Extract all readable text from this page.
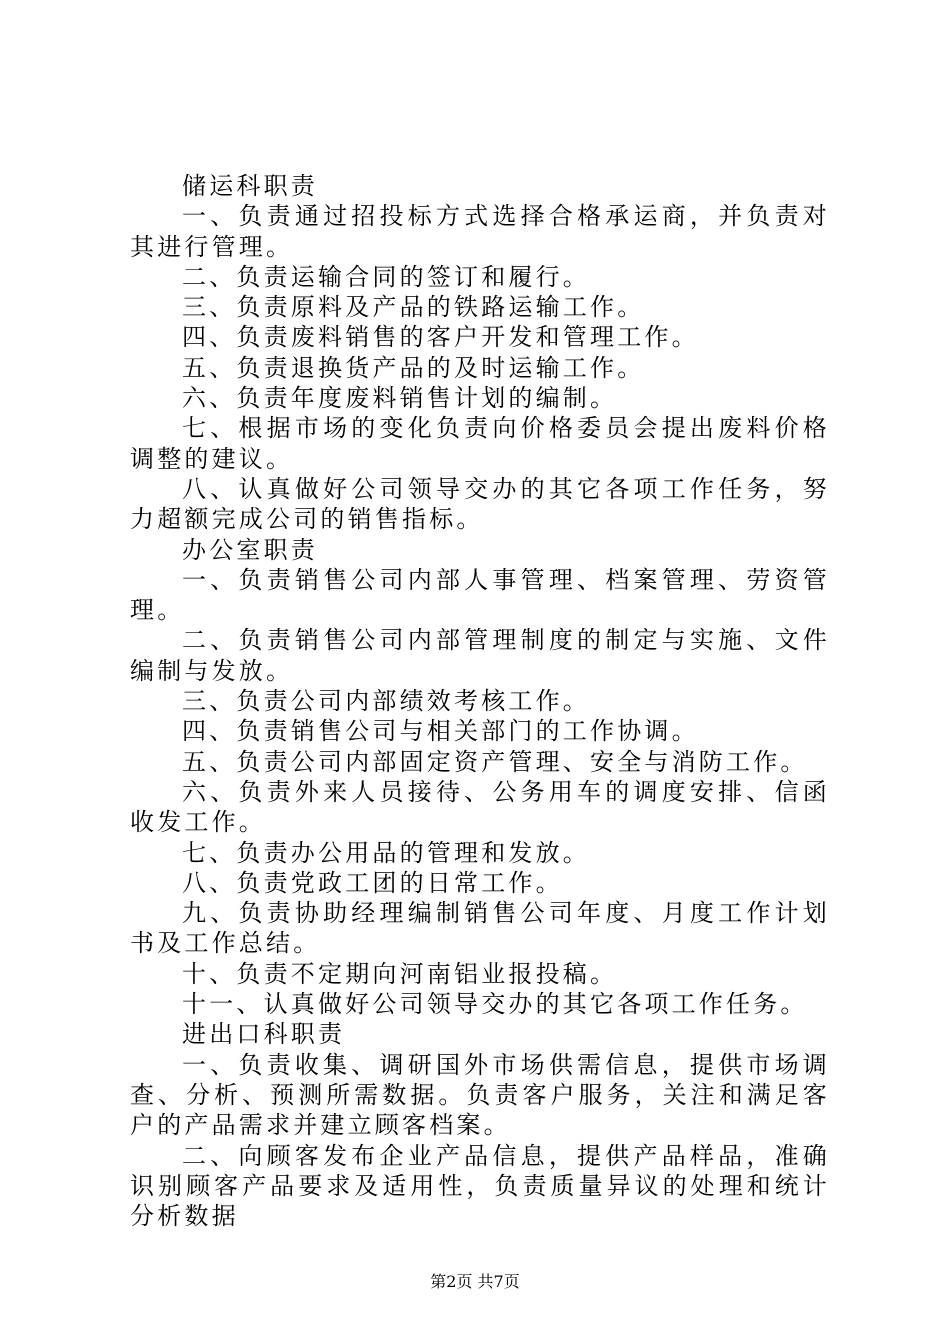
储运科职责

一、负责通过招投标方式选择合格承运商，并负责对其进行管理。

二、负责运输合同的签订和履行。

三、负责原料及产品的铁路运输工作。

四、负责废料销售的客户开发和管理工作。

五、负责退换货产品的及时运输工作。

六、负责年度废料销售计划的编制。

七、根据市场的变化负责向价格委员会提出废料价格调整的建议。

八、认真做好公司领导交办的其它各项工作任务，努力超额完成公司的销售指标。

办公室职责

一、负责销售公司内部人事管理、档案管理、劳资管理。

二、负责销售公司内部管理制度的制定与实施、文件编制与发放。

三、负责公司内部绩效考核工作。

四、负责销售公司与相关部门的工作协调。

五、负责公司内部固定资产管理、安全与消防工作。

六、负责外来人员接待、公务用车的调度安排、信函收发工作。

七、负责办公用品的管理和发放。

八、负责党政工团的日常工作。

九、负责协助经理编制销售公司年度、月度工作计划书及工作总结。

十、负责不定期向河南铝业报投稿。

十一、认真做好公司领导交办的其它各项工作任务。

进出口科职责

一、负责收集、调研国外市场供需信息，提供市场调查、分析、预测所需数据。负责客户服务，关注和满足客户的产品需求并建立顾客档案。

二、向顾客发布企业产品信息，提供产品样品，准确识别顾客产品要求及适用性，负责质量异议的处理和统计分析数据

第2页 共7页
